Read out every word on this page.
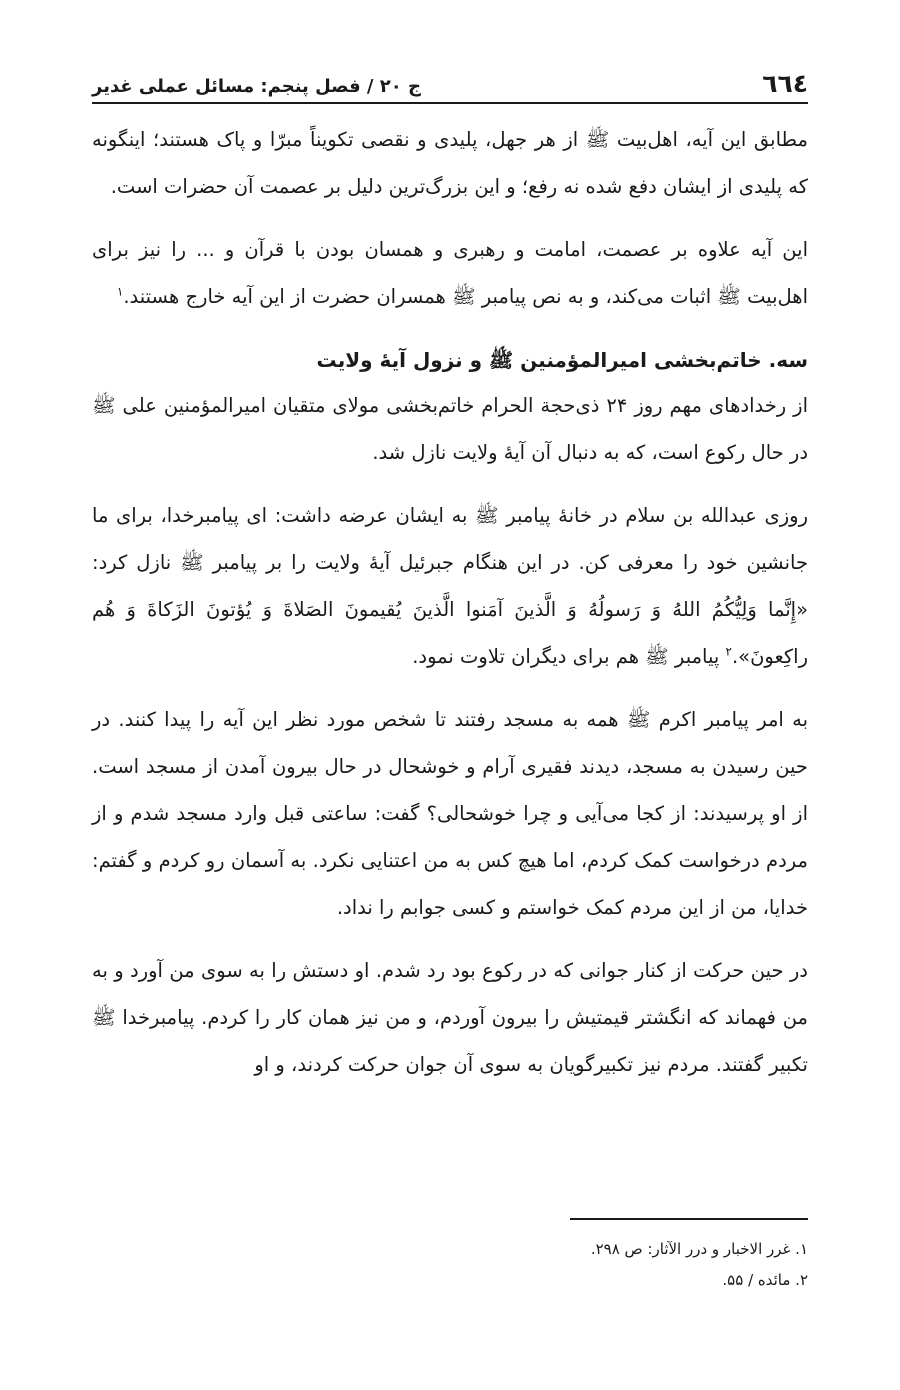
٦٦٤
ج ۲۰ / فصل پنجم: مسائل عملی غدیر

مطابق این آیه، اهل‌بیت ﷺ از هر جهل، پلیدی و نقصی تکویناً مبرّا و پاک هستند؛ اینگونه که پلیدی از ایشان دفع شده نه رفع؛ و این بزرگ‌ترین دلیل بر عصمت آن حضرات است.

این آیه علاوه بر عصمت، امامت و رهبری و همسان بودن با قرآن و ... را نیز برای اهل‌بیت ﷺ اثبات می‌کند، و به نص پیامبر ﷺ همسران حضرت از این آیه خارج هستند.$^۱$

سه. خاتم‌بخشی امیرالمؤمنین ﷺ و نزول آیهٔ ولایت

از رخدادهای مهم روز ۲۴ ذی‌حجة الحرام خاتم‌بخشی مولای متقیان امیرالمؤمنین علی ﷺ در حال رکوع است، که به دنبال آن آیهٔ ولایت نازل شد.

روزی عبدالله بن سلام در خانهٔ پیامبر ﷺ به ایشان عرضه داشت: ای پیامبرخدا، برای ما جانشین خود را معرفی کن. در این هنگام جبرئیل آیهٔ ولایت را بر پیامبر ﷺ نازل کرد: «إِنَّما وَلِيُّكُمُ اللهُ وَ رَسولُهُ وَ الَّذينَ آمَنوا الَّذينَ يُقيمونَ الصَلاةَ وَ يُؤتونَ الزَكاةَ وَ هُم راكِعونَ».$^۲$ پیامبر ﷺ هم برای دیگران تلاوت نمود.

به امر پیامبر اکرم ﷺ همه به مسجد رفتند تا شخص مورد نظر این آیه را پیدا کنند. در حین رسیدن به مسجد، دیدند فقیری آرام و خوشحال در حال بیرون آمدن از مسجد است. از او پرسیدند: از کجا می‌آیی و چرا خوشحالی؟ گفت: ساعتی قبل وارد مسجد شدم و از مردم درخواست کمک کردم، اما هیچ کس به من اعتنایی نکرد. به آسمان رو کردم و گفتم: خدایا، من از این مردم کمک خواستم و کسی جوابم را نداد.

در حین حرکت از کنار جوانی که در رکوع بود رد شدم. او دستش را به سوی من آورد و به من فهماند که انگشتر قیمتیش را بیرون آوردم، و من نیز همان کار را کردم. پیامبرخدا ﷺ تکبیر گفتند. مردم نیز تکبیرگویان به سوی آن جوان حرکت کردند، و او

۱. غرر الاخبار و درر الآثار: ص ۲۹۸.
۲. مائده / ۵۵.
